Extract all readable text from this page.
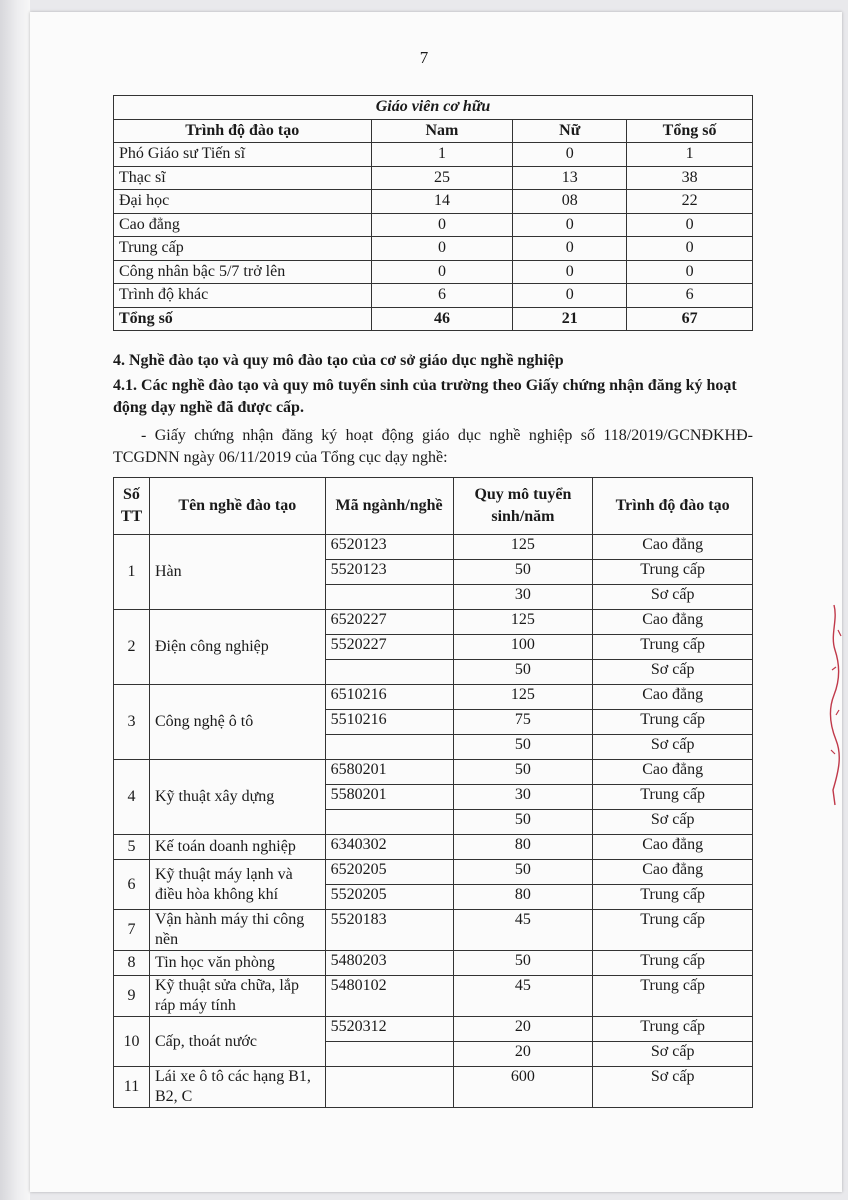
7
Giáo viên cơ hữu			
Trình độ đào tạo	Nam	Nữ	Tổng số
Phó Giáo sư Tiến sĩ	1	0	1
Thạc sĩ	25	13	38
Đại học	14	08	22
Cao đẳng	0	0	0
Trung cấp	0	0	0
Công nhân bậc 5/7 trở lên	0	0	0
Trình độ khác	6	0	6
Tổng số	46	21	67
4. Nghề đào tạo và quy mô đào tạo của cơ sở giáo dục nghề nghiệp
4.1. Các nghề đào tạo và quy mô tuyển sinh của trường theo Giấy chứng nhận đăng ký hoạt động dạy nghề đã được cấp.
- Giấy chứng nhận đăng ký hoạt động giáo dục nghề nghiệp số 118/2019/GCNĐKHĐ-TCGDNN ngày 06/11/2019 của Tổng cục dạy nghề:
Số TT	Tên nghề đào tạo	Mã ngành/nghề	Quy mô tuyển sinh/năm	Trình độ đào tạo
1	Hàn	6520123	125	Cao đẳng
		5520123	50	Trung cấp
			30	Sơ cấp
2	Điện công nghiệp	6520227	125	Cao đẳng
		5520227	100	Trung cấp
			50	Sơ cấp
3	Công nghệ ô tô	6510216	125	Cao đẳng
		5510216	75	Trung cấp
			50	Sơ cấp
4	Kỹ thuật xây dựng	6580201	50	Cao đẳng
		5580201	30	Trung cấp
			50	Sơ cấp
5	Kế toán doanh nghiệp	6340302	80	Cao đẳng
6	Kỹ thuật máy lạnh và điều hòa không khí	6520205	50	Cao đẳng
		5520205	80	Trung cấp
7	Vận hành máy thi công nền	5520183	45	Trung cấp
8	Tin học văn phòng	5480203	50	Trung cấp
9	Kỹ thuật sửa chữa, lắp ráp máy tính	5480102	45	Trung cấp
10	Cấp, thoát nước	5520312	20	Trung cấp
			20	Sơ cấp
11	Lái xe ô tô các hạng B1, B2, C		600	Sơ cấp
